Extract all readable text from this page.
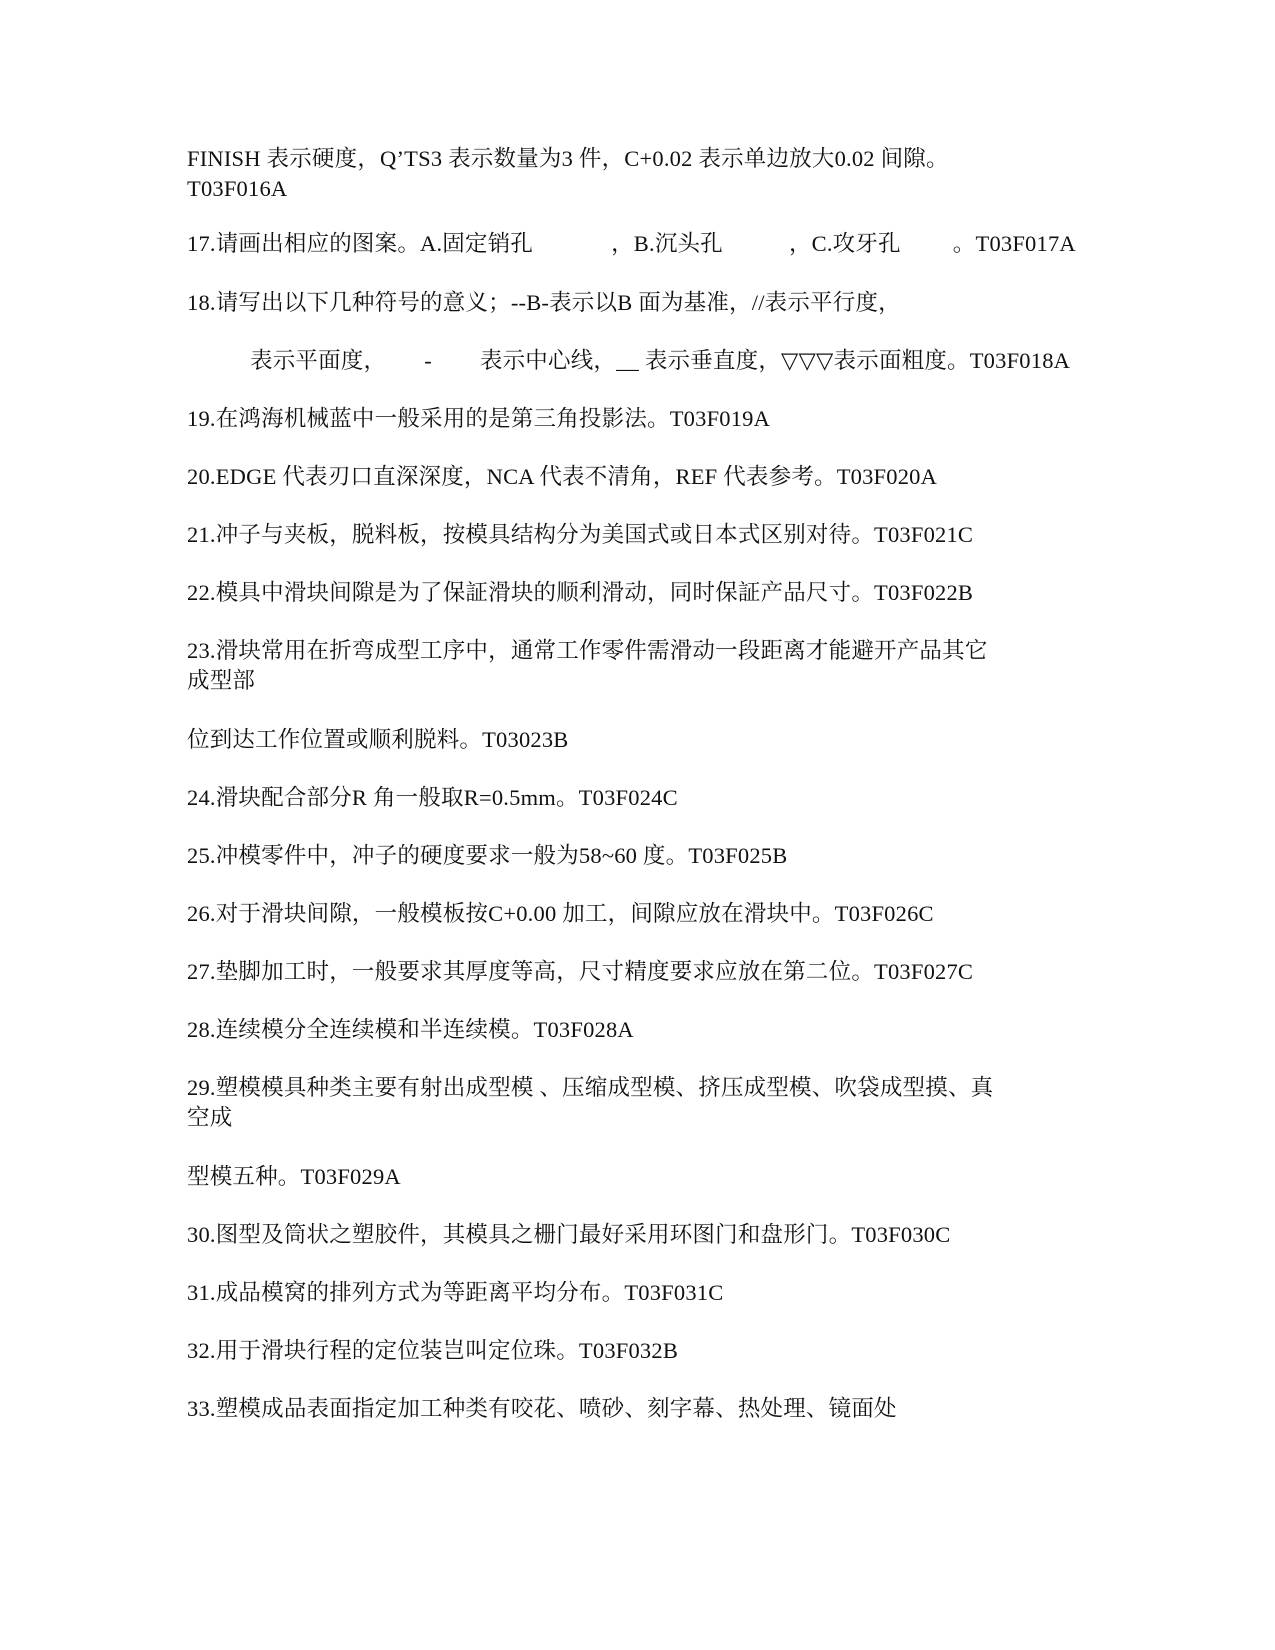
FINISH 表示硬度，Q’TS3 表示数量为3 件，C+0.02 表示单边放大0.02 间隙。
T03F016A
17.请画出相应的图案。A.固定销孔	，B.沉头孔	，C.攻牙孔 。T03F017A
18.请写出以下几种符号的意义；--B-表示以B 面为基准，//表示平行度，
表示平面度， - 表示中心线，__ 表示垂直度，▽▽▽表示面粗度。T03F018A
19.在鸿海机械蓝中一般采用的是第三角投影法。T03F019A
20.EDGE 代表刃口直深深度，NCA 代表不清角，REF 代表参考。T03F020A
21.冲子与夹板，脱料板，按模具结构分为美国式或日本式区别对待。T03F021C
22.模具中滑块间隙是为了保証滑块的顺利滑动，同时保証产品尺寸。T03F022B
23.滑块常用在折弯成型工序中，通常工作零件需滑动一段距离才能避开产品其它
成型部
位到达工作位置或顺利脱料。T03023B
24.滑块配合部分R 角一般取R=0.5mm。T03F024C
25.冲模零件中，冲子的硬度要求一般为58~60 度。T03F025B
26.对于滑块间隙，一般模板按C+0.00 加工，间隙应放在滑块中。T03F026C
27.垫脚加工时，一般要求其厚度等高，尺寸精度要求应放在第二位。T03F027C
28.连续模分全连续模和半连续模。T03F028A
29.塑模模具种类主要有射出成型模 、压缩成型模、挤压成型模、吹袋成型摸、真
空成
型模五种。T03F029A
30.图型及筒状之塑胶件，其模具之栅门最好采用环图门和盘形门。T03F030C
31.成品模窝的排列方式为等距离平均分布。T03F031C
32.用于滑块行程的定位装岂叫定位珠。T03F032B
33.塑模成品表面指定加工种类有咬花、喷砂、刻字幕、热处理、镜面处
